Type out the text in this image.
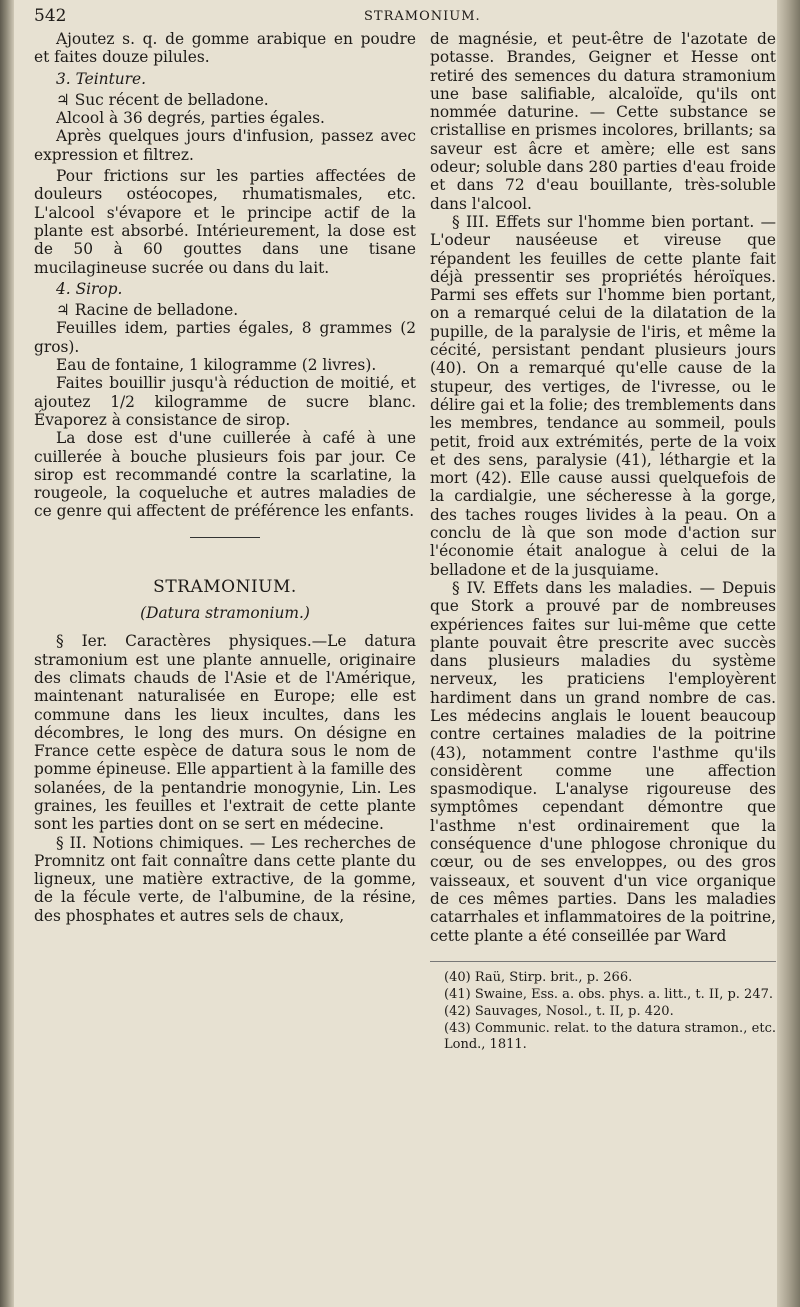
542	STRAMONIUM.

Ajoutez s. q. de gomme arabique en poudre et faites douze pilules.

3. Teinture.

♃ Suc récent de belladone.

Alcool à 36 degrés, parties égales.

Après quelques jours d'infusion, passez avec expression et filtrez.

Pour frictions sur les parties affectées de douleurs ostéocopes, rhumatismales, etc. L'alcool s'évapore et le principe actif de la plante est absorbé. Intérieurement, la dose est de 50 à 60 gouttes dans une tisane mucilagineuse sucrée ou dans du lait.

4. Sirop.

♃ Racine de belladone.

Feuilles idem, parties égales, 8 grammes (2 gros).

Eau de fontaine, 1 kilogramme (2 livres).

Faites bouillir jusqu'à réduction de moitié, et ajoutez 1/2 kilogramme de sucre blanc. Évaporez à consistance de sirop.

La dose est d'une cuillerée à café à une cuillerée à bouche plusieurs fois par jour. Ce sirop est recommandé contre la scarlatine, la rougeole, la coqueluche et autres maladies de ce genre qui affectent de préférence les enfants.

STRAMONIUM.
(Datura stramonium.)

§ Ier. Caractères physiques.—Le datura stramonium est une plante annuelle, originaire des climats chauds de l'Asie et de l'Amérique, maintenant naturalisée en Europe; elle est commune dans les lieux incultes, dans les décombres, le long des murs. On désigne en France cette espèce de datura sous le nom de pomme épineuse. Elle appartient à la famille des solanées, de la pentandrie monogynie, Lin. Les graines, les feuilles et l'extrait de cette plante sont les parties dont on se sert en médecine.

§ II. Notions chimiques. — Les recherches de Promnitz ont fait connaître dans cette plante du ligneux, une matière extractive, de la gomme, de la fécule verte, de l'albumine, de la résine, des phosphates et autres sels de chaux,

de magnésie, et peut-être de l'azotate de potasse. Brandes, Geigner et Hesse ont retiré des semences du datura stramonium une base salifiable, alcaloïde, qu'ils ont nommée daturine. — Cette substance se cristallise en prismes incolores, brillants; sa saveur est âcre et amère; elle est sans odeur; soluble dans 280 parties d'eau froide et dans 72 d'eau bouillante, très-soluble dans l'alcool.

§ III. Effets sur l'homme bien portant. — L'odeur nauséeuse et vireuse que répandent les feuilles de cette plante fait déjà pressentir ses propriétés héroïques. Parmi ses effets sur l'homme bien portant, on a remarqué celui de la dilatation de la pupille, de la paralysie de l'iris, et même la cécité, persistant pendant plusieurs jours (40). On a remarqué qu'elle cause de la stupeur, des vertiges, de l'ivresse, ou le délire gai et la folie; des tremblements dans les membres, tendance au sommeil, pouls petit, froid aux extrémités, perte de la voix et des sens, paralysie (41), léthargie et la mort (42). Elle cause aussi quelquefois de la cardialgie, une sécheresse à la gorge, des taches rouges livides à la peau. On a conclu de là que son mode d'action sur l'économie était analogue à celui de la belladone et de la jusquiame.

§ IV. Effets dans les maladies. — Depuis que Stork a prouvé par de nombreuses expériences faites sur lui-même que cette plante pouvait être prescrite avec succès dans plusieurs maladies du système nerveux, les praticiens l'employèrent hardiment dans un grand nombre de cas. Les médecins anglais le louent beaucoup contre certaines maladies de la poitrine (43), notamment contre l'asthme qu'ils considèrent comme une affection spasmodique. L'analyse rigoureuse des symptômes cependant démontre que l'asthme n'est ordinairement que la conséquence d'une phlogose chronique du cœur, ou de ses enveloppes, ou des gros vaisseaux, et souvent d'un vice organique de ces mêmes parties. Dans les maladies catarrhales et inflammatoires de la poitrine, cette plante a été conseillée par Ward

(40) Raü, Stirp. brit., p. 266.

(41) Swaine, Ess. a. obs. phys. a. litt., t. II, p. 247.

(42) Sauvages, Nosol., t. II, p. 420.

(43) Communic. relat. to the datura stramon., etc. Lond., 1811.
